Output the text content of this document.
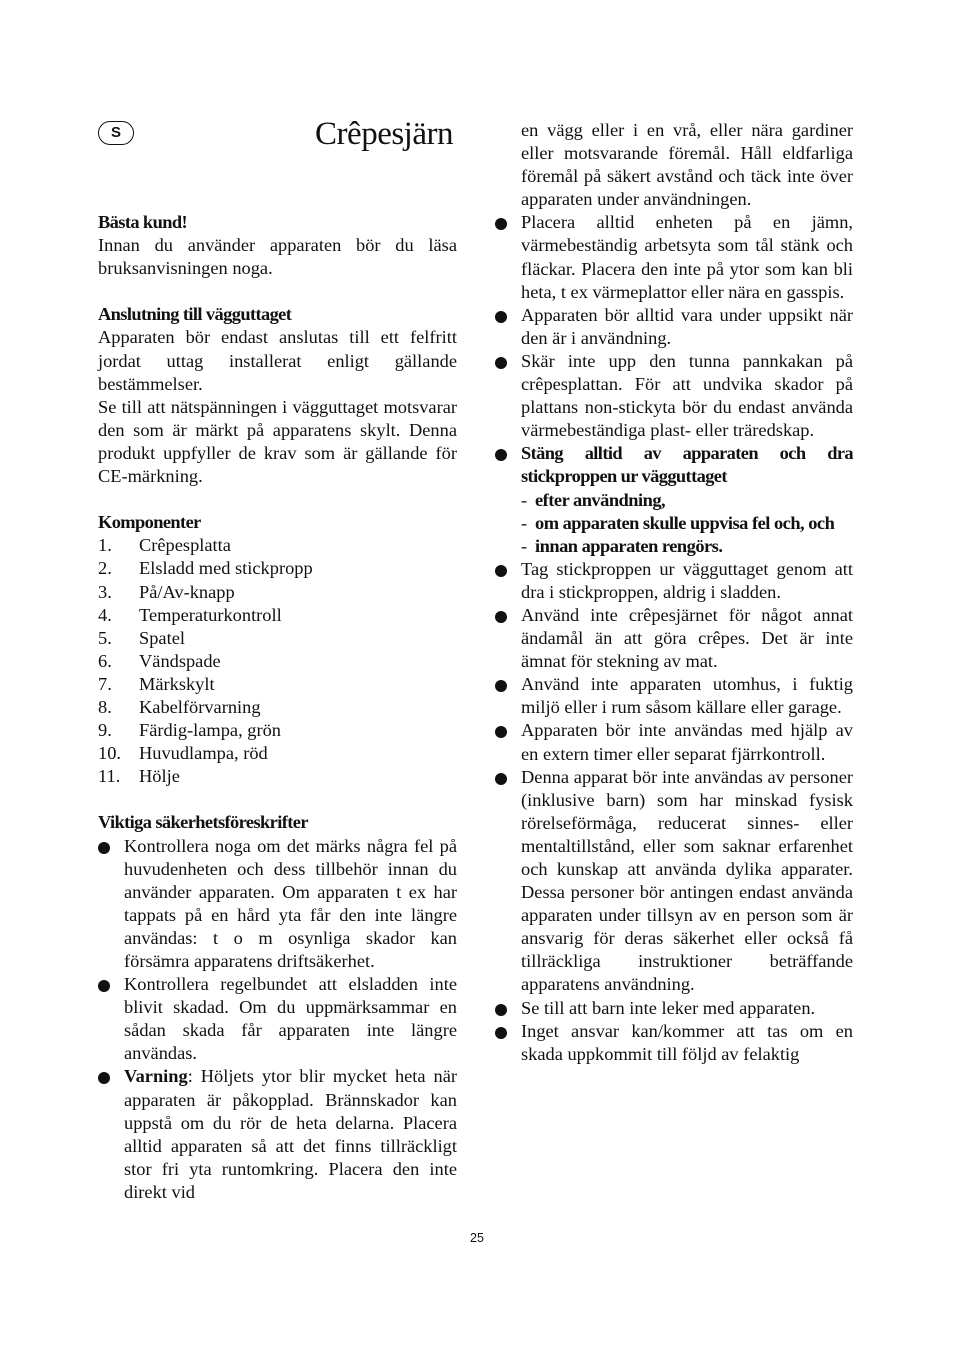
S	Crêpesjärn

Bästa kund!

Innan du använder apparaten bör du läsa bruksanvisningen noga.

Anslutning till vägguttaget

Apparaten bör endast anslutas till ett felfritt jordat uttag installerat enligt gällande bestämmelser.

Se till att nätspänningen i vägguttaget motsvarar den som är märkt på apparatens skylt. Denna produkt uppfyller de krav som är gällande för CE-märkning.

Komponenter

1.	Crêpesplatta
2.	Elsladd med stickpropp
3.	På/Av-knapp
4.	Temperaturkontroll
5.	Spatel
6.	Vändspade
7.	Märkskylt
8.	Kabelförvarning
9.	Färdig-lampa, grön
10. Huvudlampa, röd
11.	Hölje

Viktiga säkerhetsföreskrifter

Kontrollera noga om det märks några fel på huvudenheten och dess tillbehör innan du använder apparaten. Om apparaten t ex har tappats på en hård yta får den inte längre användas: t o m osynliga skador kan försämra apparatens driftsäkerhet.
Kontrollera regelbundet att elsladden inte blivit skadad. Om du uppmärksammar en sådan skada får apparaten inte längre användas.
Varning: Höljets ytor blir mycket heta när apparaten är påkopplad. Brännskador kan uppstå om du rör de heta delarna. Placera alltid apparaten så att det finns tillräckligt stor fri yta runtomkring. Placera den inte direkt vid

en vägg eller i en vrå, eller nära gardiner eller motsvarande föremål. Håll eldfarliga föremål på säkert avstånd och täck inte över apparaten under användningen.

Placera alltid enheten på en jämn, värmebeständig arbetsyta som tål stänk och fläckar. Placera den inte på ytor som kan bli heta, t ex värmeplattor eller nära en gasspis.
Apparaten bör alltid vara under uppsikt när den är i användning.
Skär inte upp den tunna pannkakan på crêpesplattan. För att undvika skador på plattans non-stickyta bör du endast använda värmebeständiga plast- eller träredskap.
Stäng alltid av apparaten och dra stickproppen ur vägguttaget
- efter användning,
- om apparaten skulle uppvisa fel och, och
- innan apparaten rengörs.
Tag stickproppen ur vägguttaget genom att dra i stickproppen, aldrig i sladden.
Använd inte crêpesjärnet för något annat ändamål än att göra crêpes. Det är inte ämnat för stekning av mat.
Använd inte apparaten utomhus, i fuktig miljö eller i rum såsom källare eller garage.
Apparaten bör inte användas med hjälp av en extern timer eller separat fjärrkontroll.
Denna apparat bör inte användas av personer (inklusive barn) som har minskad fysisk rörelseförmåga, reducerat sinnes- eller mentaltillstånd, eller som saknar erfarenhet och kunskap att använda dylika apparater. Dessa personer bör antingen endast använda apparaten under tillsyn av en person som är ansvarig för deras säkerhet eller också få tillräckliga instruktioner beträffande apparatens användning.
Se till att barn inte leker med apparaten.
Inget ansvar kan/kommer att tas om en skada uppkommit till följd av felaktig
25
